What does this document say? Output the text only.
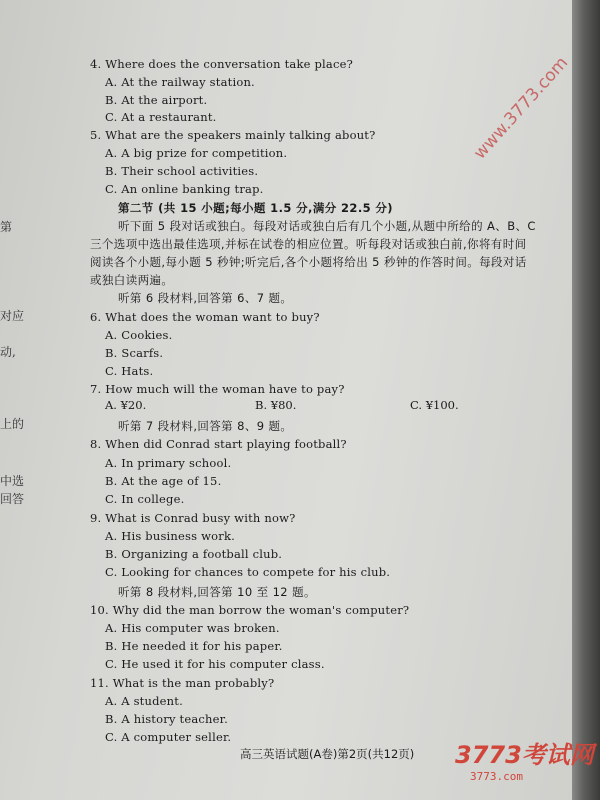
第
对应
动,
上的
中选
回答
4. Where does the conversation take place?
A. At the railway station.
B. At the airport.
C. At a restaurant.
5. What are the speakers mainly talking about?
A. A big prize for competition.
B. Their school activities.
C. An online banking trap.
第二节 (共 15 小题;每小题 1.5 分,满分 22.5 分)
听下面 5 段对话或独白。每段对话或独白后有几个小题,从题中所给的 A、B、C
三个选项中选出最佳选项,并标在试卷的相应位置。听每段对话或独白前,你将有时间
阅读各个小题,每小题 5 秒钟;听完后,各个小题将给出 5 秒钟的作答时间。每段对话
或独白读两遍。
听第 6 段材料,回答第 6、7 题。
6. What does the woman want to buy?
A. Cookies.
B. Scarfs.
C. Hats.
7. How much will the woman have to pay?
A. ¥20.	B. ¥80.	C. ¥100.
听第 7 段材料,回答第 8、9 题。
8. When did Conrad start playing football?
A. In primary school.
B. At the age of 15.
C. In college.
9. What is Conrad busy with now?
A. His business work.
B. Organizing a football club.
C. Looking for chances to compete for his club.
听第 8 段材料,回答第 10 至 12 题。
10. Why did the man borrow the woman's computer?
A. His computer was broken.
B. He needed it for his paper.
C. He used it for his computer class.
11. What is the man probably?
A. A student.
B. A history teacher.
C. A computer seller.
www.3773.com
高三英语试题(A卷)第2页(共12页) 3773考试网
3773.com
